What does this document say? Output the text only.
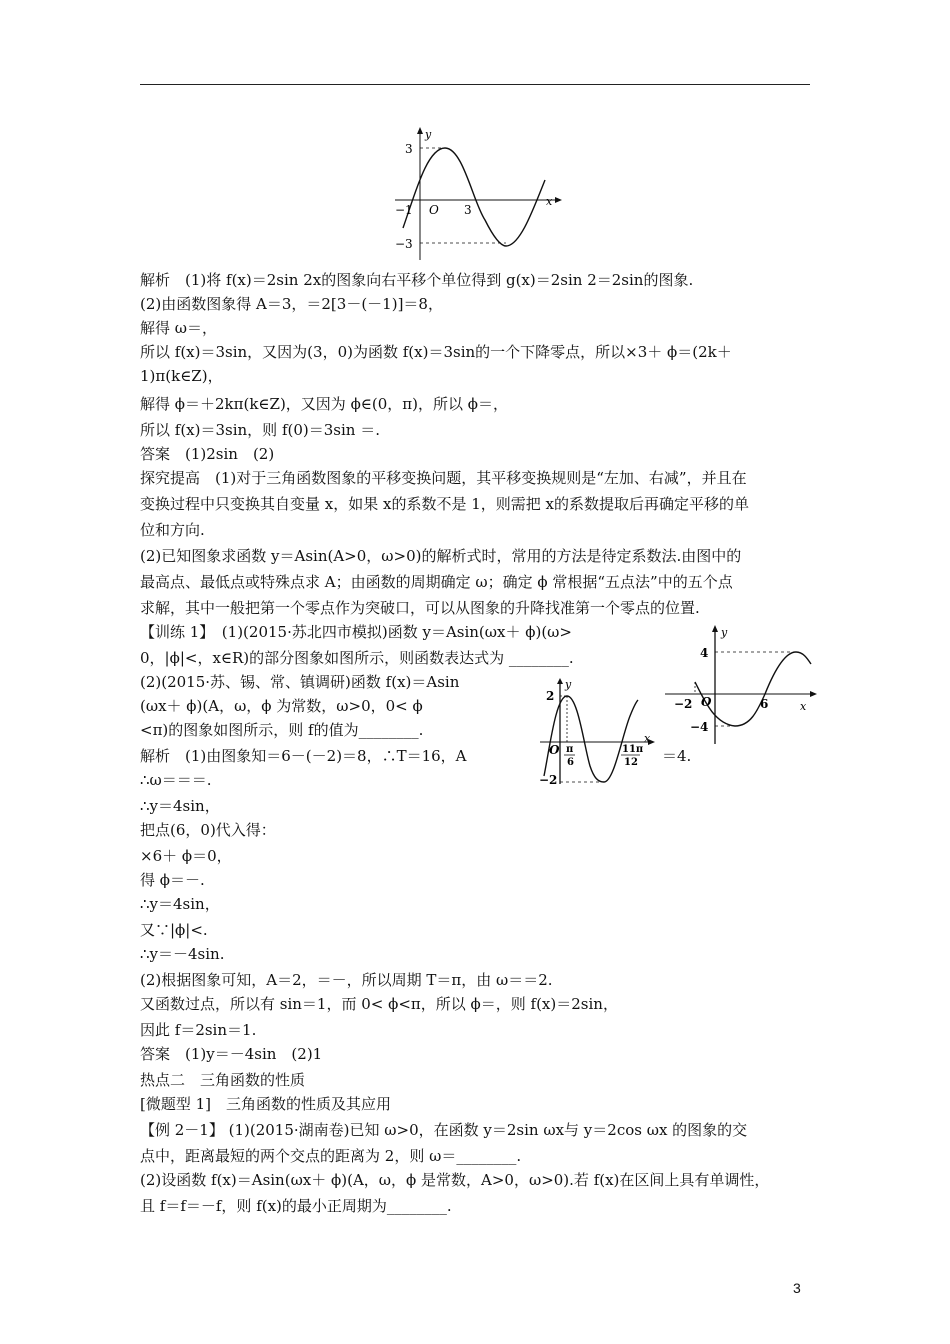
y
x
O
3
−3
−1	3
y
x
O
4
−4
−2	6
y
x
O
2
−2
π
6
11π
12
解析　(1)将 f(x)＝2sin 2x的图象向右平移个单位得到 g(x)＝2sin 2＝2sin的图象.
(2)由函数图象得 A＝3，＝2[3－(－1)]＝8，
解得 ω＝，
所以 f(x)＝3sin，又因为(3，0)为函数 f(x)＝3sin的一个下降零点，所以×3＋ ϕ＝(2k＋
1)π(k∈Z)，
解得 ϕ＝＋2kπ(k∈Z)，又因为 ϕ∈(0，π)，所以 ϕ＝，
所以 f(x)＝3sin，则 f(0)＝3sin ＝.
答案　(1)2sin　(2)
探究提高　(1)对于三角函数图象的平移变换问题，其平移变换规则是“左加、右减”，并且在
变换过程中只变换其自变量 x，如果 x的系数不是 1，则需把 x的系数提取后再确定平移的单
位和方向.
(2)已知图象求函数 y＝Asin(A>0，ω>0)的解析式时，常用的方法是待定系数法.由图中的
最高点、最低点或特殊点求 A；由函数的周期确定 ω；确定 ϕ 常根据“五点法”中的五个点
求解，其中一般把第一个零点作为突破口，可以从图象的升降找准第一个零点的位置.
【训练 1】　(1)(2015·苏北四市模拟)函数 y＝Asin(ωx＋ ϕ)(ω>
0，|ϕ|<，x∈R)的部分图象如图所示，则函数表达式为 ________.
(2)(2015·苏、锡、常、镇调研)函数 f(x)＝Asin
(ωx＋ ϕ)(A，ω，ϕ 为常数，ω>0，0< ϕ
<π)的图象如图所示，则 f的值为________.
解析　(1)由图象知＝6－(－2)＝8，∴T＝16，A	＝4.
∴ω＝＝＝.
∴y＝4sin，
把点(6，0)代入得：
×6＋ ϕ＝0，
得 ϕ＝－.
∴y＝4sin，
又∵|ϕ|<.
∴y＝－4sin.
(2)根据图象可知，A＝2，＝－，所以周期 T＝π，由 ω＝＝2.
又函数过点，所以有 sin＝1，而 0< ϕ<π，所以 ϕ＝，则 f(x)＝2sin，
因此 f＝2sin＝1.
答案　(1)y＝－4sin　(2)1
热点二　三角函数的性质
[微题型 1]　三角函数的性质及其应用
【例 2－1】 (1)(2015·湖南卷)已知 ω>0，在函数 y＝2sin ωx与 y＝2cos ωx 的图象的交
点中，距离最短的两个交点的距离为 2，则 ω＝________.
(2)设函数 f(x)＝Asin(ωx＋ ϕ)(A，ω，ϕ 是常数，A>0，ω>0).若 f(x)在区间上具有单调性，
且 f＝f＝－f，则 f(x)的最小正周期为________.
3
